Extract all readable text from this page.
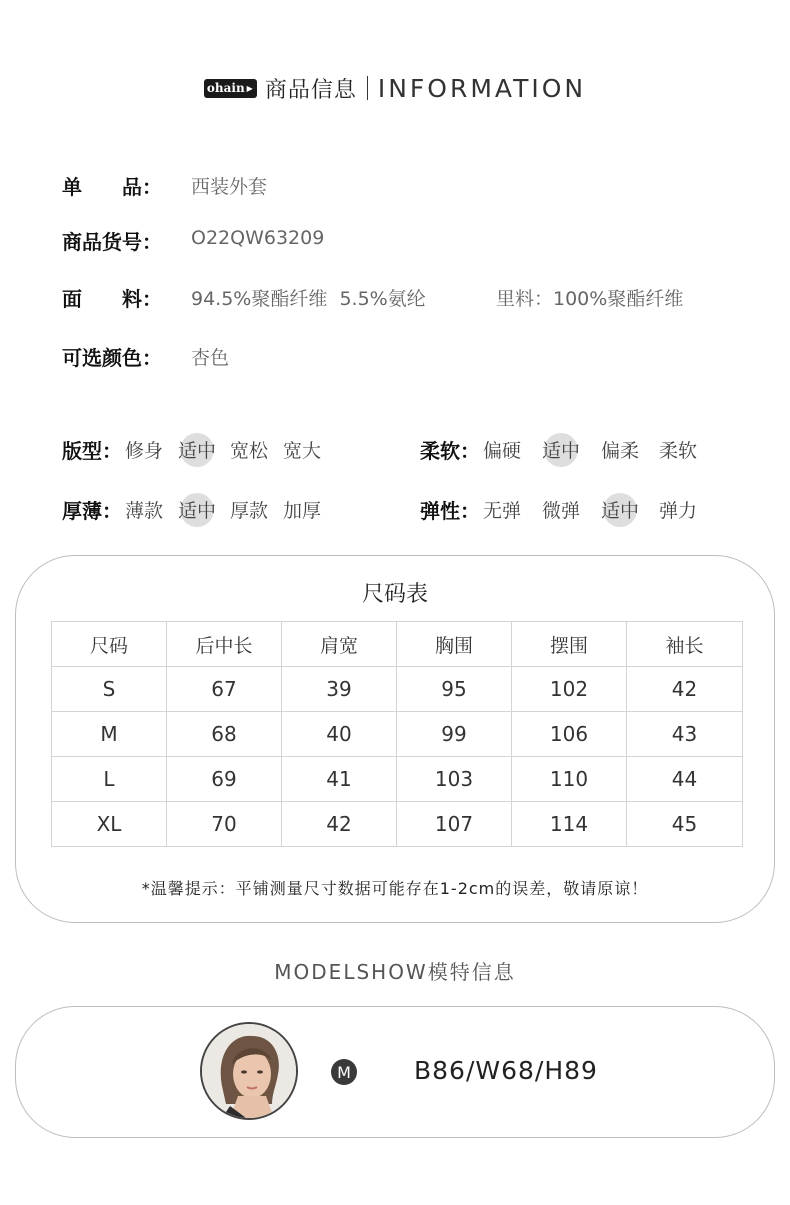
ohain ▶ 商品信息 INFORMATION
单　　品： 西装外套
商品货号： O22QW63209
面　　料： 94.5%聚酯纤维  5.5%氨纶	里料：100%聚酯纤维
可选颜色： 杏色
版型： 修身 适中 宽松 宽大	柔软： 偏硬 适中 偏柔 柔软
厚薄： 薄款 适中 厚款 加厚	弹性： 无弹 微弹 适中 弹力
尺码表
尺码	后中长	肩宽	胸围	摆围	袖长
S	67	39	95	102	42
M	68	40	99	106	43
L	69	41	103	110	44
XL	70	42	107	114	45
*温馨提示：平铺测量尺寸数据可能存在1-2cm的误差，敬请原谅！
MODELSHOW模特信息
M	B86/W68/H89
